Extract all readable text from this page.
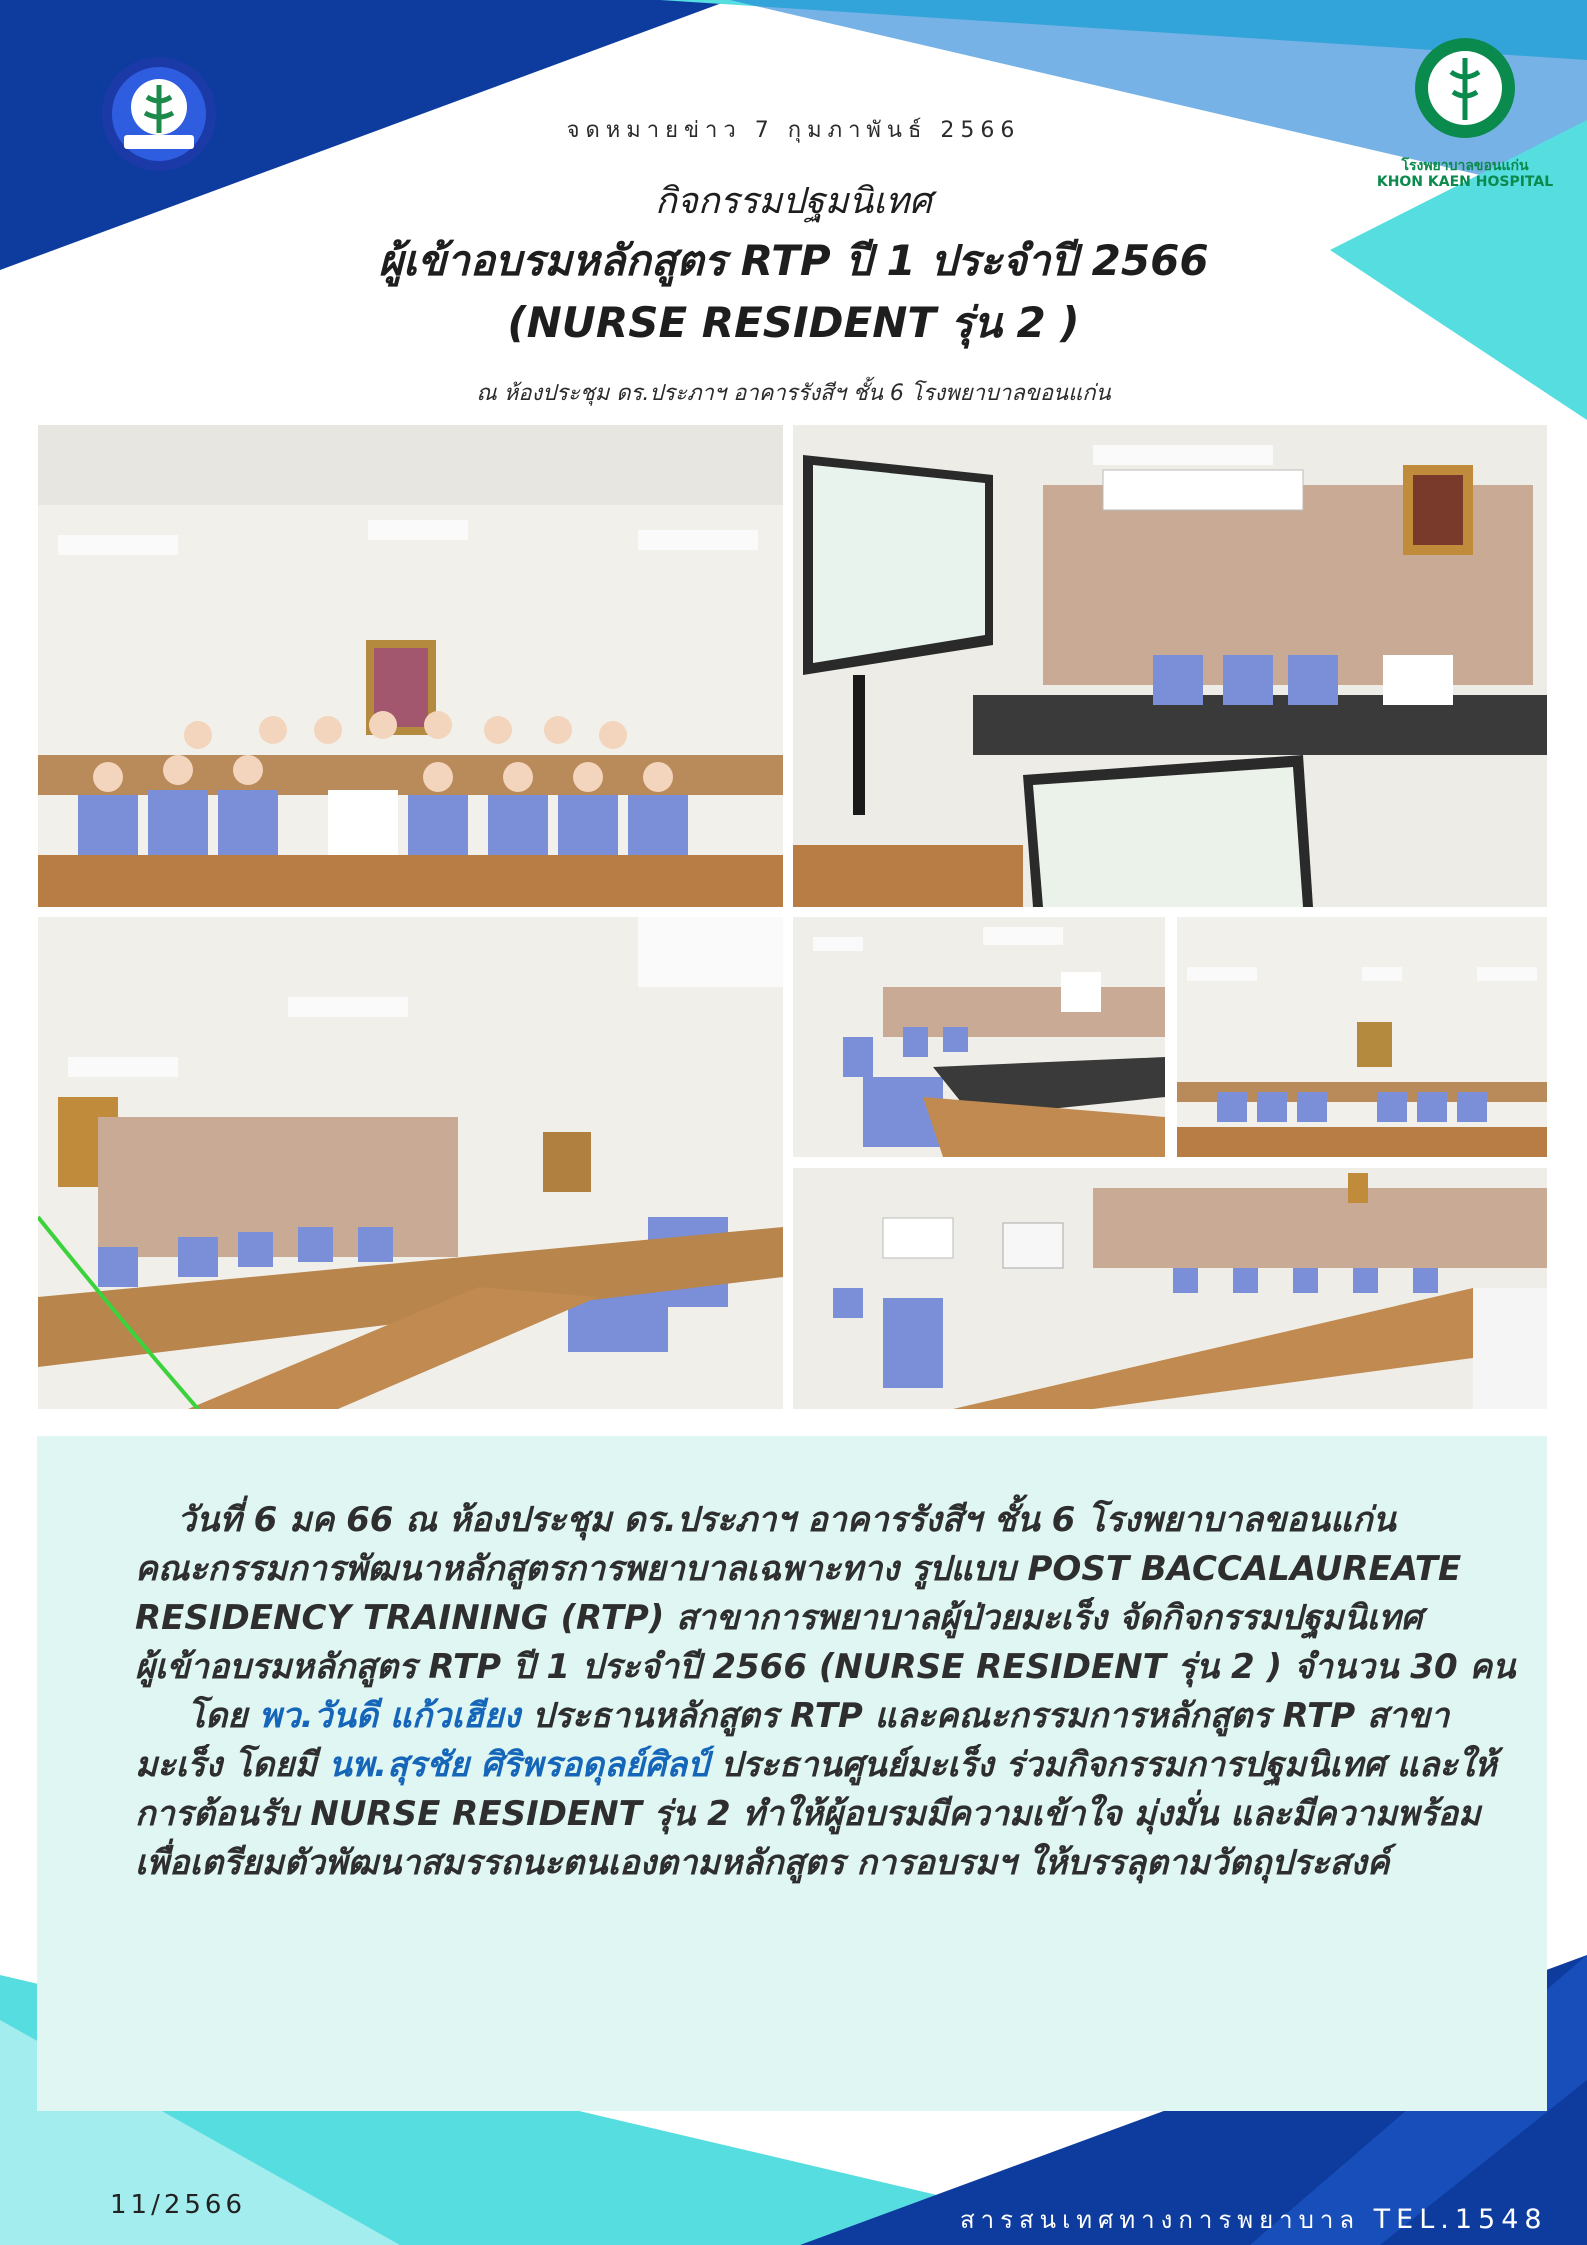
โรงพยาบาลขอนแก่น
KHON KAEN HOSPITAL
จดหมายข่าว 7 กุมภาพันธ์ 2566
กิจกรรมปฐมนิเทศ
ผู้เข้าอบรมหลักสูตร RTP ปี 1 ประจำปี 2566
(NURSE RESIDENT รุ่น 2 )
ณ ห้องประชุม ดร.ประภาฯ อาคารรังสีฯ ชั้น 6 โรงพยาบาลขอนแก่น
วันที่ 6 มค 66 ณ ห้องประชุม ดร.ประภาฯ อาคารรังสีฯ ชั้น 6 โรงพยาบาลขอนแก่น
คณะกรรมการพัฒนาหลักสูตรการพยาบาลเฉพาะทาง รูปแบบ POST BACCALAUREATE
RESIDENCY TRAINING (RTP) สาขาการพยาบาลผู้ป่วยมะเร็ง จัดกิจกรรมปฐมนิเทศ
ผู้เข้าอบรมหลักสูตร RTP ปี 1 ประจำปี 2566 (NURSE RESIDENT รุ่น 2 ) จำนวน 30 คน
โดย พว.วันดี แก้วเฮียง ประธานหลักสูตร RTP และคณะกรรมการหลักสูตร RTP สาขา
มะเร็ง โดยมี นพ.สุรชัย ศิริพรอดุลย์ศิลป์ ประธานศูนย์มะเร็ง ร่วมกิจกรรมการปฐมนิเทศ และให้
การต้อนรับ NURSE RESIDENT รุ่น 2 ทำให้ผู้อบรมมีความเข้าใจ มุ่งมั่น และมีความพร้อม
เพื่อเตรียมตัวพัฒนาสมรรถนะตนเองตามหลักสูตร การอบรมฯ ให้บรรลุตามวัตถุประสงค์
11/2566	สารสนเทศทางการพยาบาล TEL.1548
